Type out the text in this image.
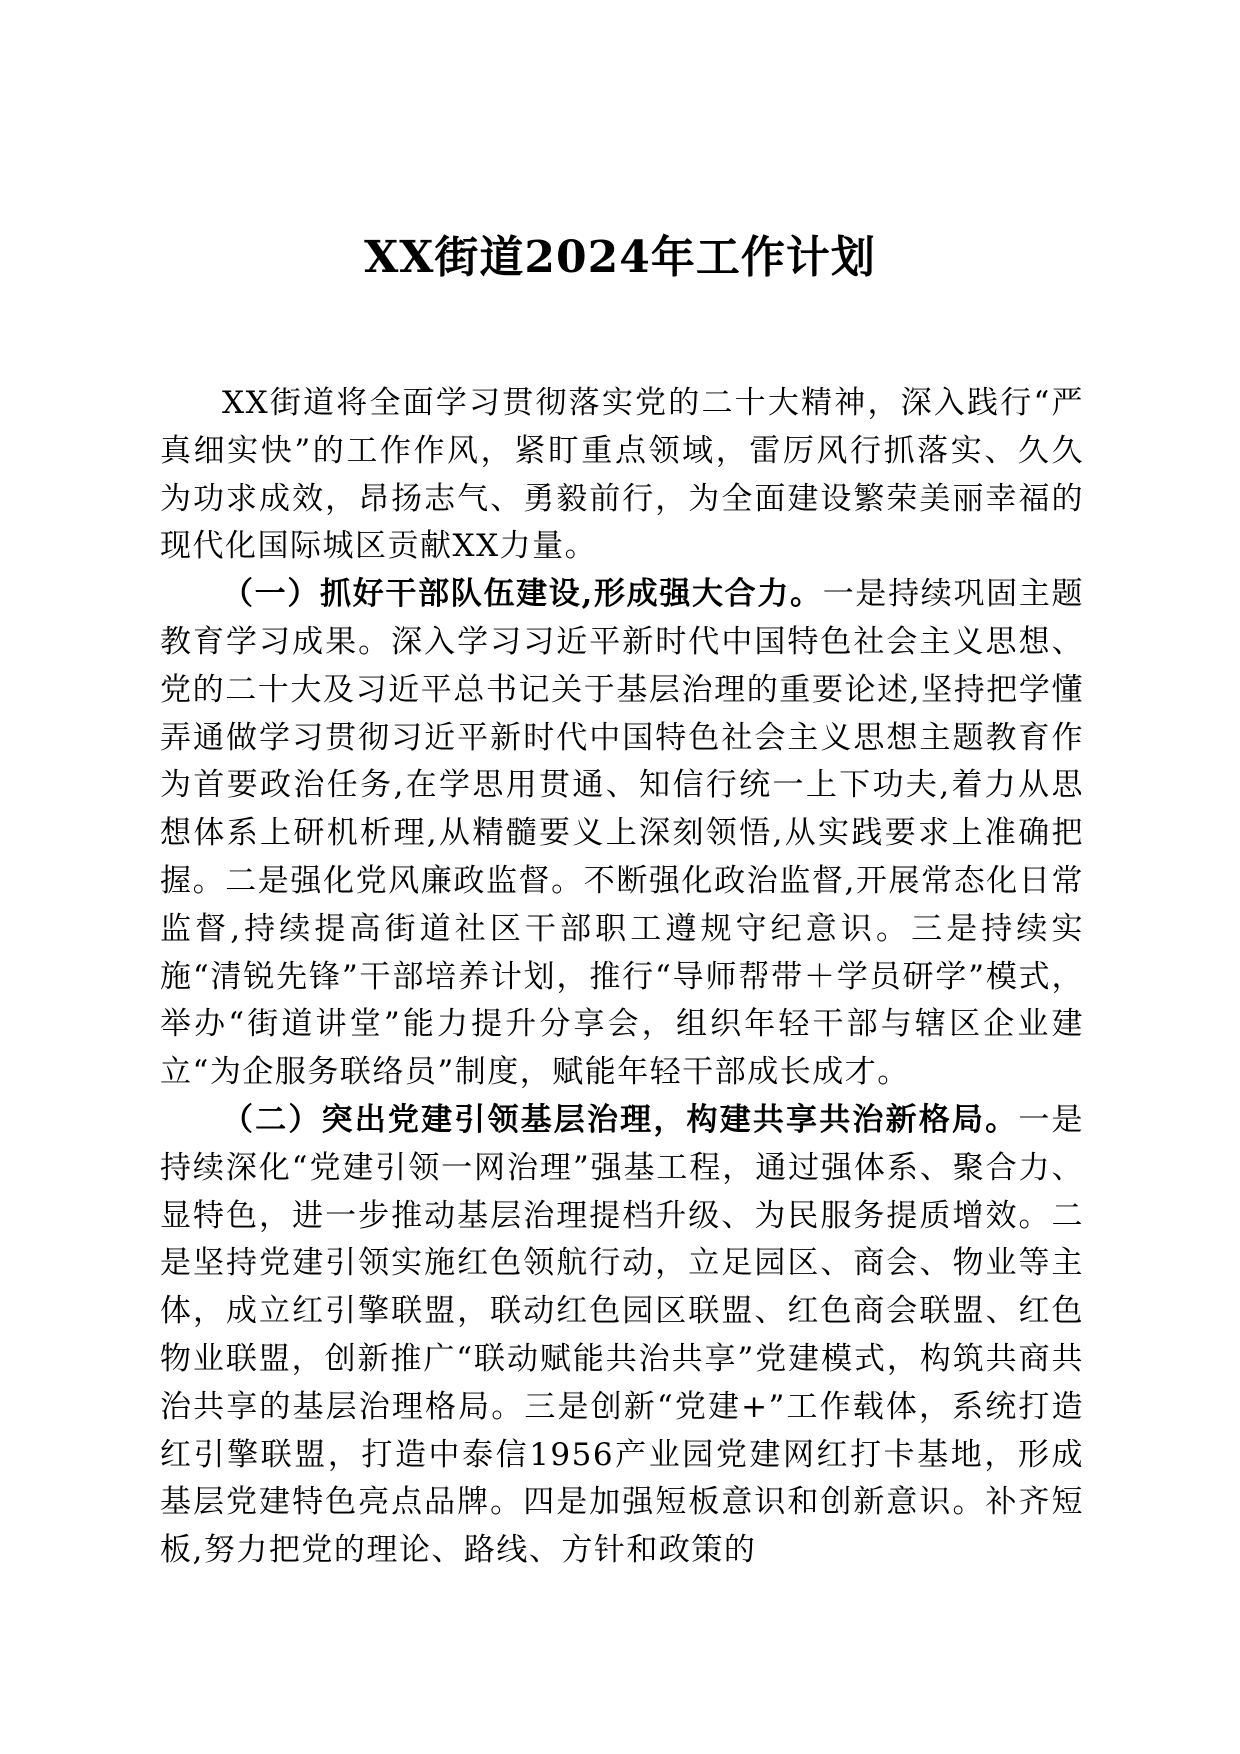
XX街道2024年工作计划

XX街道将全面学习贯彻落实党的二十大精神，深入践行“严真细实快”的工作作风，紧盯重点领域，雷厉风行抓落实、久久为功求成效，昂扬志气、勇毅前行，为全面建设繁荣美丽幸福的现代化国际城区贡献XX力量。

（一）抓好干部队伍建设,形成强大合力。一是持续巩固主题教育学习成果。深入学习习近平新时代中国特色社会主义思想、党的二十大及习近平总书记关于基层治理的重要论述,坚持把学懂弄通做学习贯彻习近平新时代中国特色社会主义思想主题教育作为首要政治任务,在学思用贯通、知信行统一上下功夫,着力从思想体系上研机析理,从精髓要义上深刻领悟,从实践要求上准确把握。二是强化党风廉政监督。不断强化政治监督,开展常态化日常监督,持续提高街道社区干部职工遵规守纪意识。三是持续实施“清锐先锋”干部培养计划，推行“导师帮带＋学员研学”模式，举办“街道讲堂”能力提升分享会，组织年轻干部与辖区企业建立“为企服务联络员”制度，赋能年轻干部成长成才。

（二）突出党建引领基层治理，构建共享共治新格局。一是持续深化“党建引领一网治理”强基工程，通过强体系、聚合力、显特色，进一步推动基层治理提档升级、为民服务提质增效。二是坚持党建引领实施红色领航行动，立足园区、商会、物业等主体，成立红引擎联盟，联动红色园区联盟、红色商会联盟、红色物业联盟，创新推广“联动赋能共治共享”党建模式，构筑共商共治共享的基层治理格局。三是创新“党建+”工作载体，系统打造红引擎联盟，打造中泰信1956产业园党建网红打卡基地，形成基层党建特色亮点品牌。四是加强短板意识和创新意识。补齐短板,努力把党的理论、路线、方针和政策的
